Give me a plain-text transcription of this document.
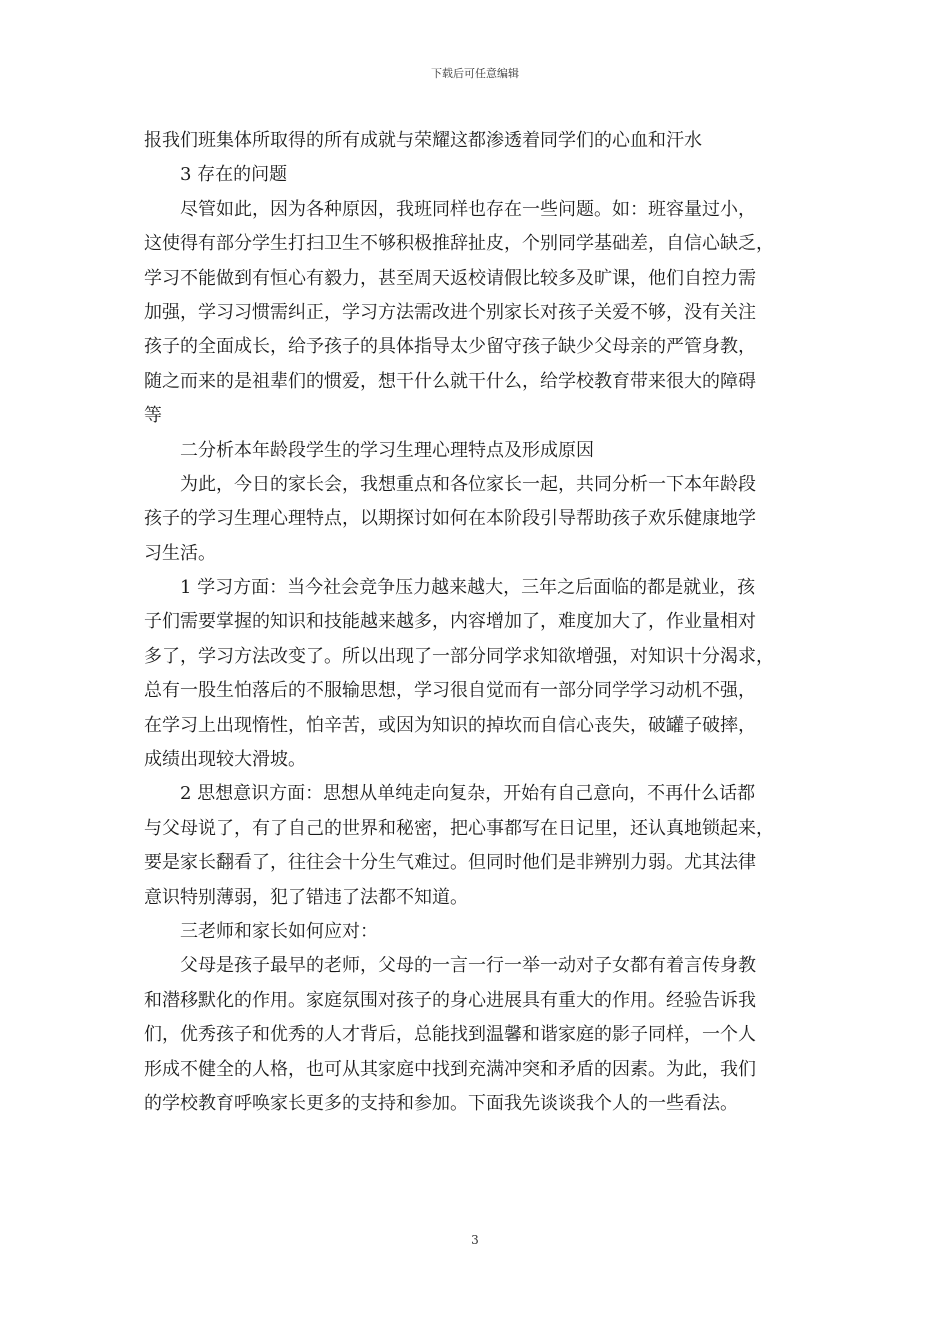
下载后可任意编辑
报我们班集体所取得的所有成就与荣耀这都渗透着同学们的心血和汗水
3 存在的问题
尽管如此，因为各种原因，我班同样也存在一些问题。如：班容量过小，
这使得有部分学生打扫卫生不够积极推辞扯皮，个别同学基础差，自信心缺乏，
学习不能做到有恒心有毅力，甚至周天返校请假比较多及旷课，他们自控力需
加强，学习习惯需纠正，学习方法需改进个别家长对孩子关爱不够，没有关注
孩子的全面成长，给予孩子的具体指导太少留守孩子缺少父母亲的严管身教，
随之而来的是祖辈们的惯爱，想干什么就干什么，给学校教育带来很大的障碍
等
二分析本年龄段学生的学习生理心理特点及形成原因
为此，今日的家长会，我想重点和各位家长一起，共同分析一下本年龄段
孩子的学习生理心理特点，以期探讨如何在本阶段引导帮助孩子欢乐健康地学
习生活。
1 学习方面：当今社会竞争压力越来越大，三年之后面临的都是就业，孩
子们需要掌握的知识和技能越来越多，内容增加了，难度加大了，作业量相对
多了，学习方法改变了。所以出现了一部分同学求知欲增强，对知识十分渴求，
总有一股生怕落后的不服输思想，学习很自觉而有一部分同学学习动机不强，
在学习上出现惰性，怕辛苦，或因为知识的掉坎而自信心丧失，破罐子破摔，
成绩出现较大滑坡。
2 思想意识方面：思想从单纯走向复杂，开始有自己意向，不再什么话都
与父母说了，有了自己的世界和秘密，把心事都写在日记里，还认真地锁起来，
要是家长翻看了，往往会十分生气难过。但同时他们是非辨别力弱。尤其法律
意识特别薄弱，犯了错违了法都不知道。
三老师和家长如何应对：
父母是孩子最早的老师，父母的一言一行一举一动对子女都有着言传身教
和潜移默化的作用。家庭氛围对孩子的身心进展具有重大的作用。经验告诉我
们，优秀孩子和优秀的人才背后，总能找到温馨和谐家庭的影子同样，一个人
形成不健全的人格，也可从其家庭中找到充满冲突和矛盾的因素。为此，我们
的学校教育呼唤家长更多的支持和参加。下面我先谈谈我个人的一些看法。
3
